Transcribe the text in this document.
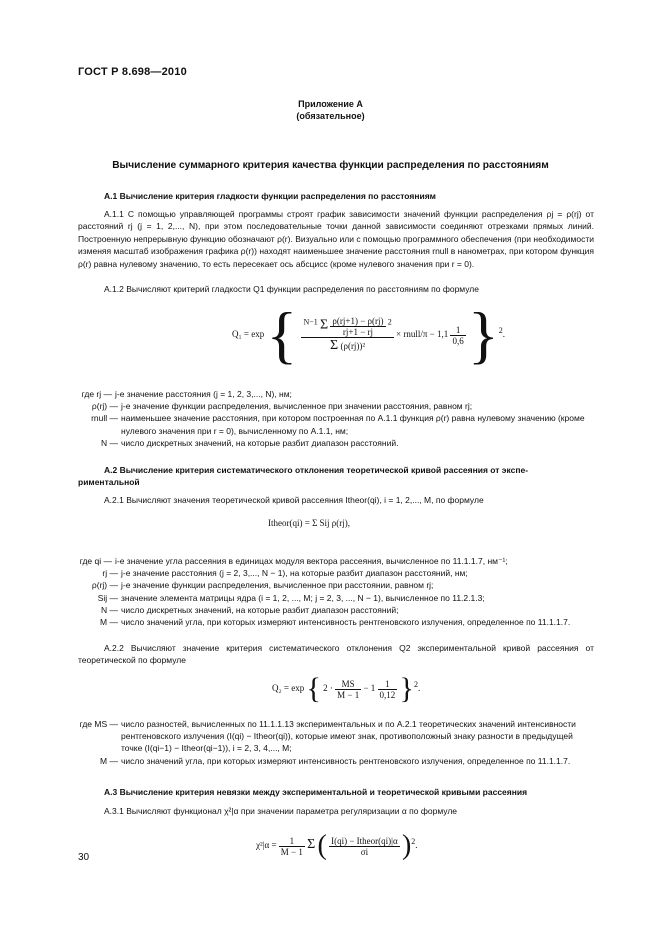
ГОСТ Р 8.698—2010
Приложение А
(обязательное)
Вычисление суммарного критерия качества функции распределения по расстояниям
А.1 Вычисление критерия гладкости функции распределения по расстояниям
А.1.1 С помощью управляющей программы строят график зависимости значений функции распределения ρj = ρ(rj) от расстояний rj (j = 1, 2,..., N), при этом последовательные точки данной зависимости соединяют отрезками прямых линий. Построенную непрерывную функцию обозначают ρ(r). Визуально или с помощью программного обеспечения (при необходимости изменяя масштаб изображения графика ρ(r)) находят наименьшее значение расстояния rnull в нанометрах, при котором функция ρ(r) равна нулевому значению, то есть пересекает ось абсцисс (кроме нулевого значения при r = 0).
А.1.2 Вычисляют критерий гладкости Q1 функции распределения по расстояниям по формуле
Q₁ = exp { N−1 Σ $\frac{\rho(rj+1) - \rho(rj)}{rj+1 - rj} 2$
Σ (ρ(rj))²
× rnull/π − $1,1 \frac{1}{0,6} \}2$.
где rj — j-е значение расстояния (j = 1, 2, 3,..., N), нм;
ρ(rj) — j-е значение функции распределения, вычисленное при значении расстояния, равном rj;
rnull — наименьшее значение расстояния, при котором построенная по А.1.1 функция ρ(r) равна нулевому значению (кроме нулевого значения при r = 0), вычисленному по А.1.1, нм;
N — число дискретных значений, на которые разбит диапазон расстояний.
А.2 Вычисление критерия систематического отклонения теоретической кривой рассеяния от экспе-
риментальной
А.2.1 Вычисляют значения теоретической кривой рассеяния Itheor(qi), i = 1, 2,..., M, по формуле
Itheor(qi) = Σ Sij ρ(rj),
где qi — i-е значение угла рассеяния в единицах модуля вектора рассеяния, вычисленное по 11.1.1.7, нм⁻¹;
rj — j-е значение расстояния (j = 2, 3,..., N − 1), на которые разбит диапазон расстояний, нм;
ρ(rj) — j-е значение функции распределения, вычисленное при расстоянии, равном rj;
Sij — значение элемента матрицы ядра (i = 1, 2, ..., M; j = 2, 3, ..., N − 1), вычисленное по 11.2.1.3;
N — число дискретных значений, на которые разбит диапазон расстояний;
M — число значений угла, при которых измеряют интенсивность рентгеновского излучения, определенное по 11.1.1.7.
А.2.2 Вычисляют значение критерия систематического отклонения Q2 экспериментальной кривой рассеяния от теоретической по формуле
Q₂ = exp { $2 \cdot \frac{MS}{M - 1} - 1 \frac{1}{0,12} \}2$.
где MS — число разностей, вычисленных по 11.1.1.13 экспериментальных и по А.2.1 теоретических значений интенсивности рентгеновского излучения (I(qi) − Itheor(qi)), которые имеют знак, противоположный знаку разности в предыдущей точке (I(qi−1) − Itheor(qi−1)), i = 2, 3, 4,..., M;
M — число значений угла, при которых измеряют интенсивность рентгеновского излучения, определенное по 11.1.1.7.
А.3 Вычисление критерия невязки между экспериментальной и теоретической кривыми рассеяния
А.3.1 Вычисляют функционал χ²|α при значении параметра регуляризации α по формуле
$\chi^2|\alpha = \frac{1}{M - 1}$ Σ ( $\frac{\text{I(qi) − Itheor(qi)|α}}{\sigma i} )2$.
30
